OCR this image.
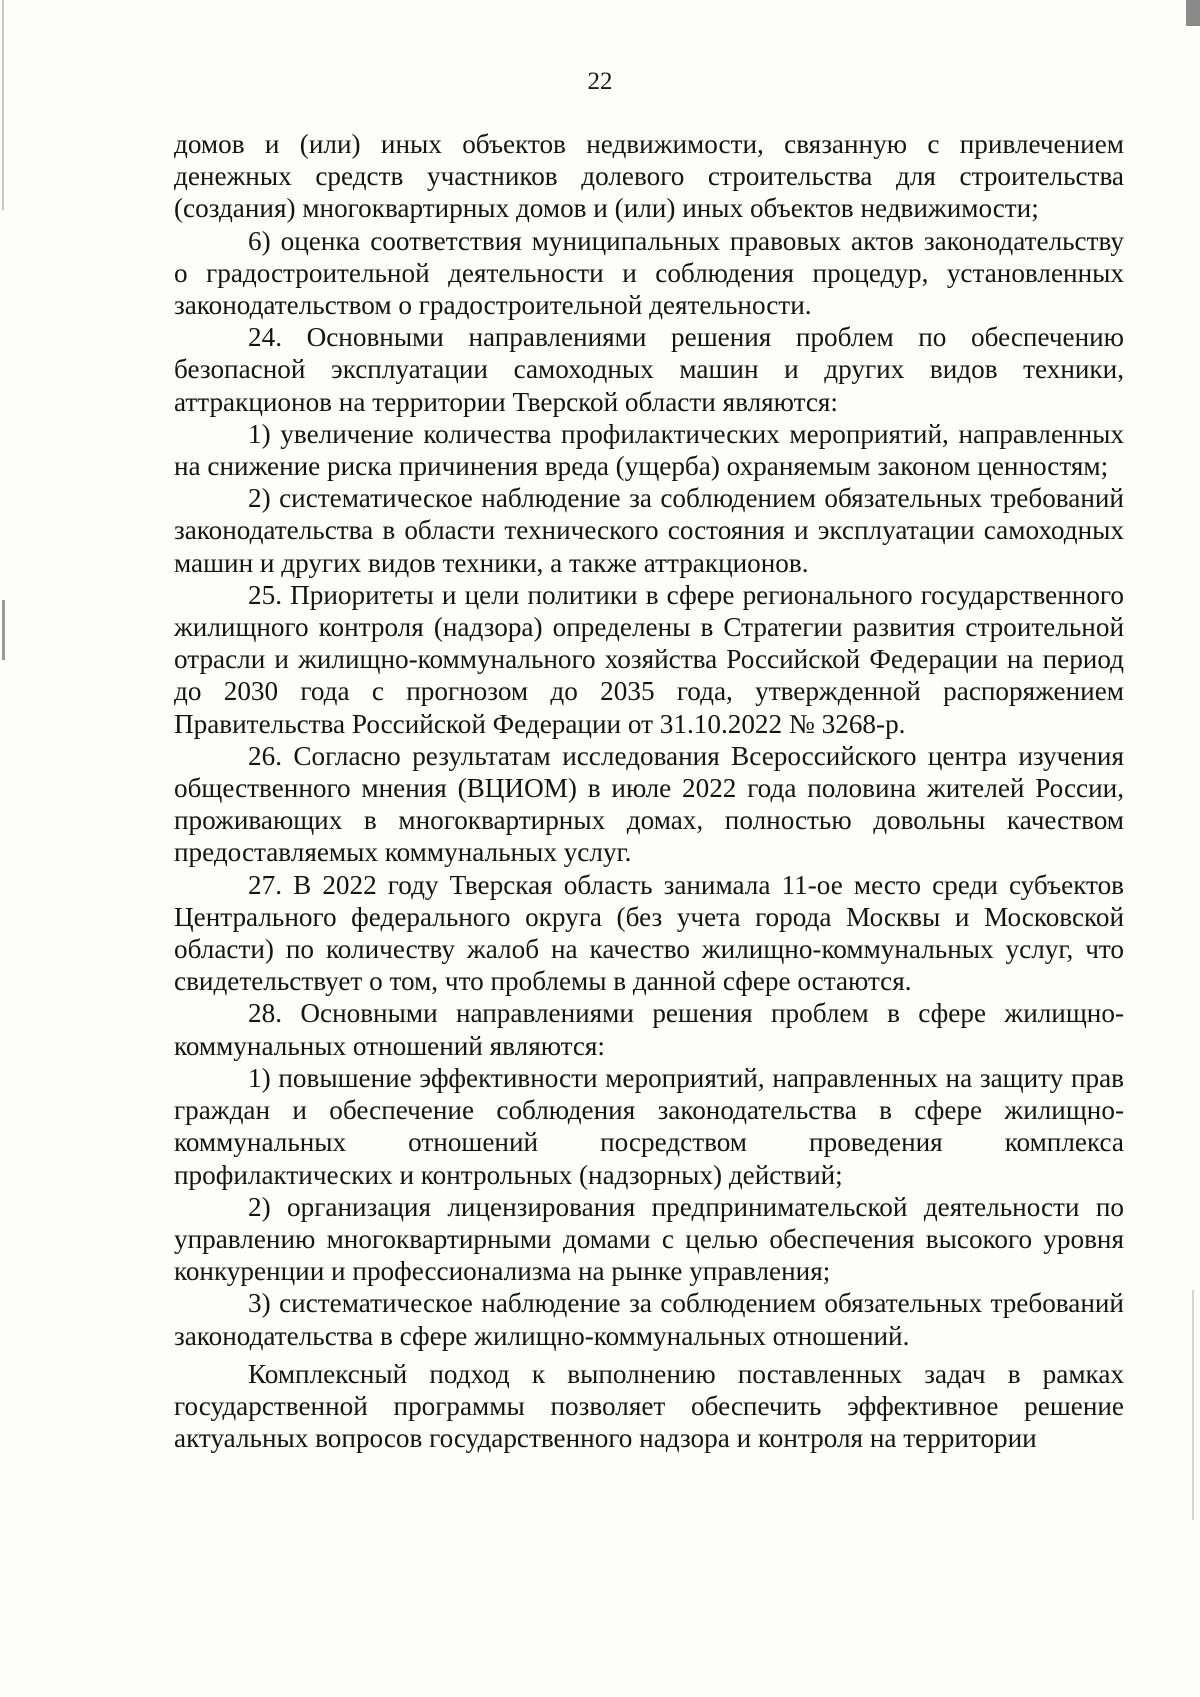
22

домов и (или) иных объектов недвижимости, связанную с привлечением денежных средств участников долевого строительства для строительства (создания) многоквартирных домов и (или) иных объектов недвижимости;

6) оценка соответствия муниципальных правовых актов законодательству о градостроительной деятельности и соблюдения процедур, установленных законодательством о градостроительной деятельности.

24. Основными направлениями решения проблем по обеспечению безопасной эксплуатации самоходных машин и других видов техники, аттракционов на территории Тверской области являются:

1) увеличение количества профилактических мероприятий, направленных на снижение риска причинения вреда (ущерба) охраняемым законом ценностям;

2) систематическое наблюдение за соблюдением обязательных требований законодательства в области технического состояния и эксплуатации самоходных машин и других видов техники, а также аттракционов.

25. Приоритеты и цели политики в сфере регионального государственного жилищного контроля (надзора) определены в Стратегии развития строительной отрасли и жилищно-коммунального хозяйства Российской Федерации на период до 2030 года с прогнозом до 2035 года, утвержденной распоряжением Правительства Российской Федерации от 31.10.2022 № 3268-р.

26. Согласно результатам исследования Всероссийского центра изучения общественного мнения (ВЦИОМ) в июле 2022 года половина жителей России, проживающих в многоквартирных домах, полностью довольны качеством предоставляемых коммунальных услуг.

27. В 2022 году Тверская область занимала 11-ое место среди субъектов Центрального федерального округа (без учета города Москвы и Московской области) по количеству жалоб на качество жилищно-коммунальных услуг, что свидетельствует о том, что проблемы в данной сфере остаются.

28. Основными направлениями решения проблем в сфере жилищно-коммунальных отношений являются:

1) повышение эффективности мероприятий, направленных на защиту прав граждан и обеспечение соблюдения законодательства в сфере жилищно-коммунальных отношений посредством проведения комплекса профилактических и контрольных (надзорных) действий;

2) организация лицензирования предпринимательской деятельности по управлению многоквартирными домами с целью обеспечения высокого уровня конкуренции и профессионализма на рынке управления;

3) систематическое наблюдение за соблюдением обязательных требований законодательства в сфере жилищно-коммунальных отношений.

Комплексный подход к выполнению поставленных задач в рамках государственной программы позволяет обеспечить эффективное решение актуальных вопросов государственного надзора и контроля на территории
